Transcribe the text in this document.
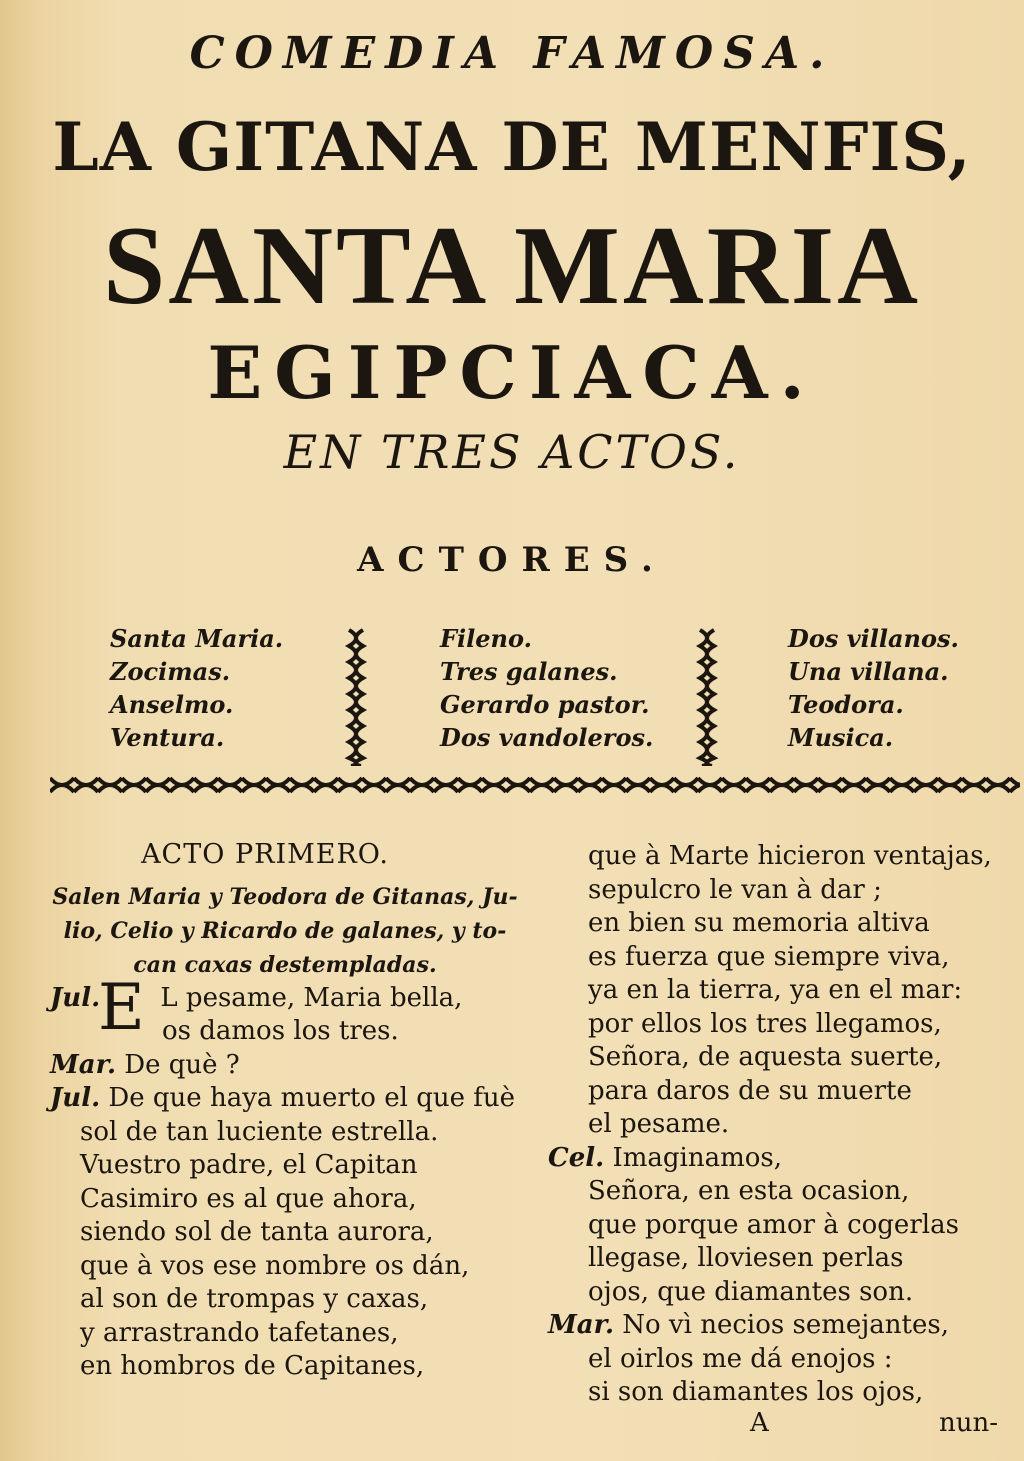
COMEDIA FAMOSA.
LA GITANA DE MENFIS,
SANTA MARIA
EGIPCIACA.
EN TRES ACTOS.
ACTORES.
Santa Maria.
Zocimas.
Anselmo.
Ventura.
Fileno.
Tres galanes.
Gerardo pastor.
Dos vandoleros.
Dos villanos.
Una villana.
Teodora.
Musica.
ACTO PRIMERO.
Salen Maria y Teodora de Gitanas, Ju-
lio, Celio y Ricardo de galanes, y to-
can caxas destempladas.
Jul.
E L pesame, Maria bella,
os damos los tres.
Mar. De què ?
Jul. De que haya muerto el que fuè
sol de tan luciente estrella.
Vuestro padre, el Capitan
Casimiro es al que ahora,
siendo sol de tanta aurora,
que à vos ese nombre os dán,
al son de trompas y caxas,
y arrastrando tafetanes,
en hombros de Capitanes,
que à Marte hicieron ventajas,
sepulcro le van à dar ;
en bien su memoria altiva
es fuerza que siempre viva,
ya en la tierra, ya en el mar:
por ellos los tres llegamos,
Señora, de aquesta suerte,
para daros de su muerte
el pesame.
Cel. Imaginamos,
Señora, en esta ocasion,
que porque amor à cogerlas
llegase, lloviesen perlas
ojos, que diamantes son.
Mar. No vì necios semejantes,
el oirlos me dá enojos :
si son diamantes los ojos,
A	nun-
